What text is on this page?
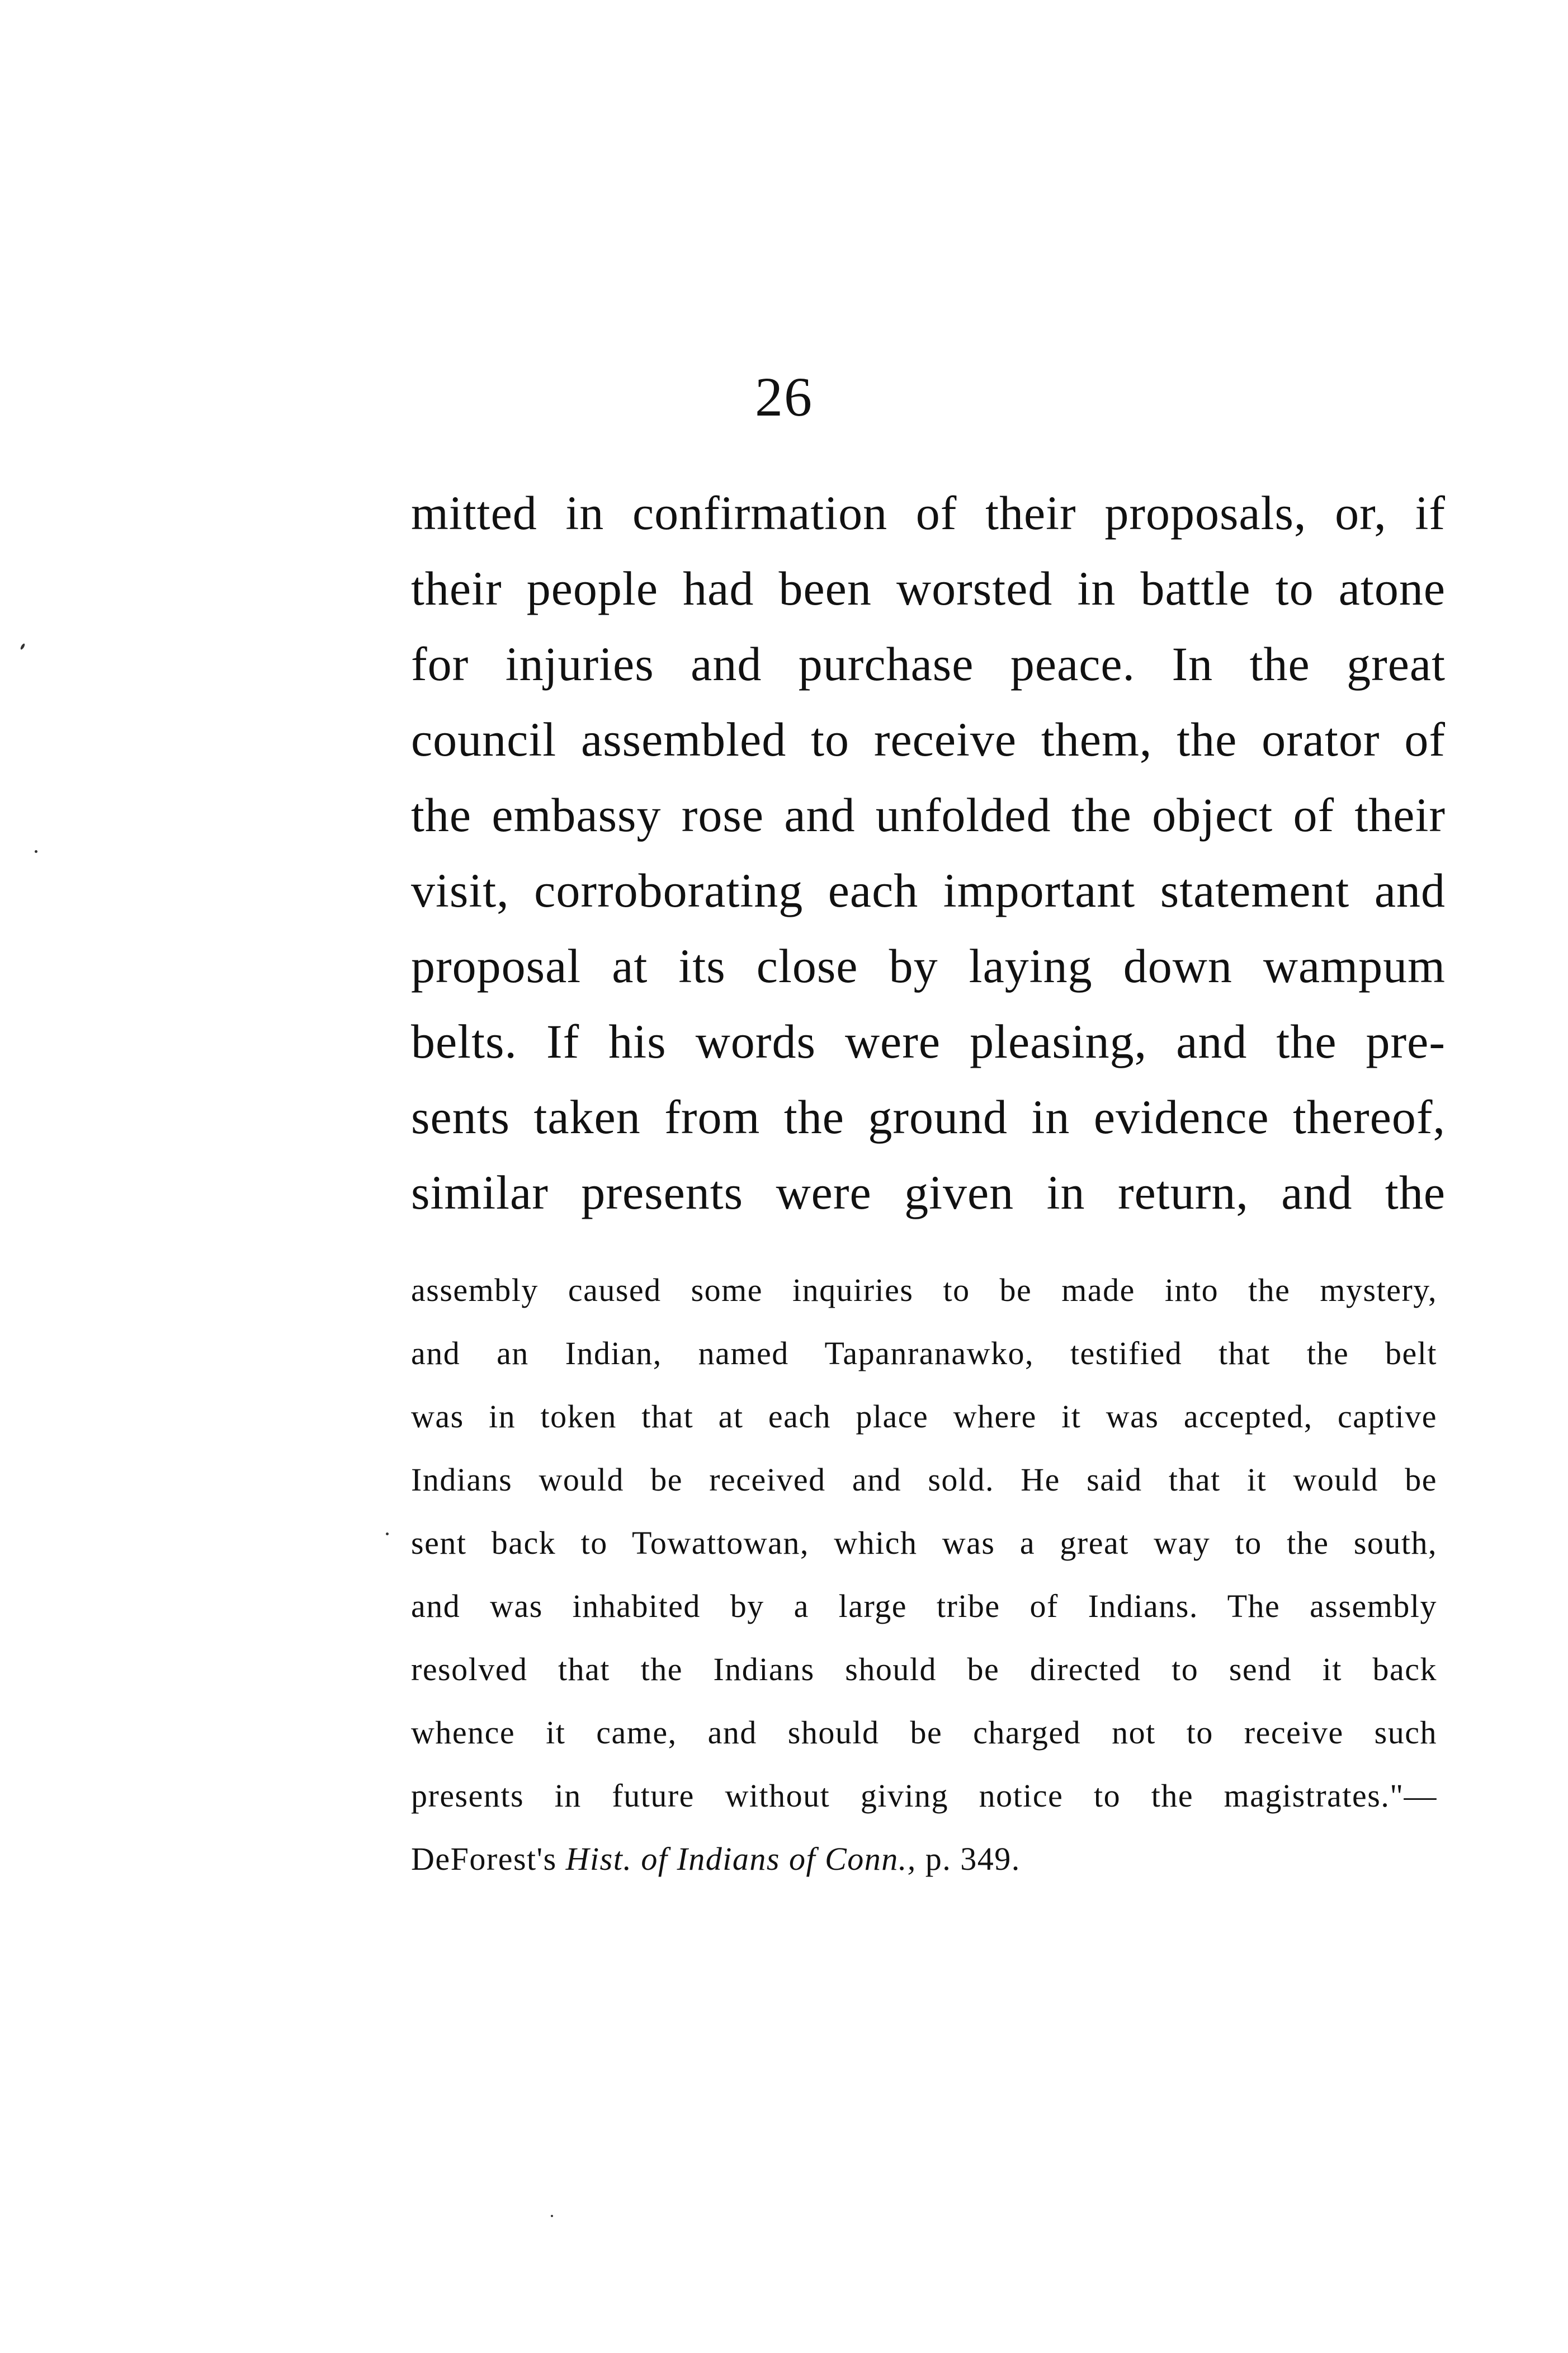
26
mitted in confirmation of their proposals, or, if
their people had been worsted in battle to atone
for injuries and purchase peace. In the great
council assembled to receive them, the orator of
the embassy rose and unfolded the object of their
visit, corroborating each important statement and
proposal at its close by laying down wampum
belts. If his words were pleasing, and the pre-
sents taken from the ground in evidence thereof,
similar presents were given in return, and the
assembly caused some inquiries to be made into the mystery,
and an Indian, named Tapanranawko, testified that the belt
was in token that at each place where it was accepted, captive
Indians would be received and sold. He said that it would be
sent back to Towattowan, which was a great way to the south,
and was inhabited by a large tribe of Indians. The assembly
resolved that the Indians should be directed to send it back
whence it came, and should be charged not to receive such
presents in future without giving notice to the magistrates."—
DeForest's Hist. of Indians of Conn., p. 349.
